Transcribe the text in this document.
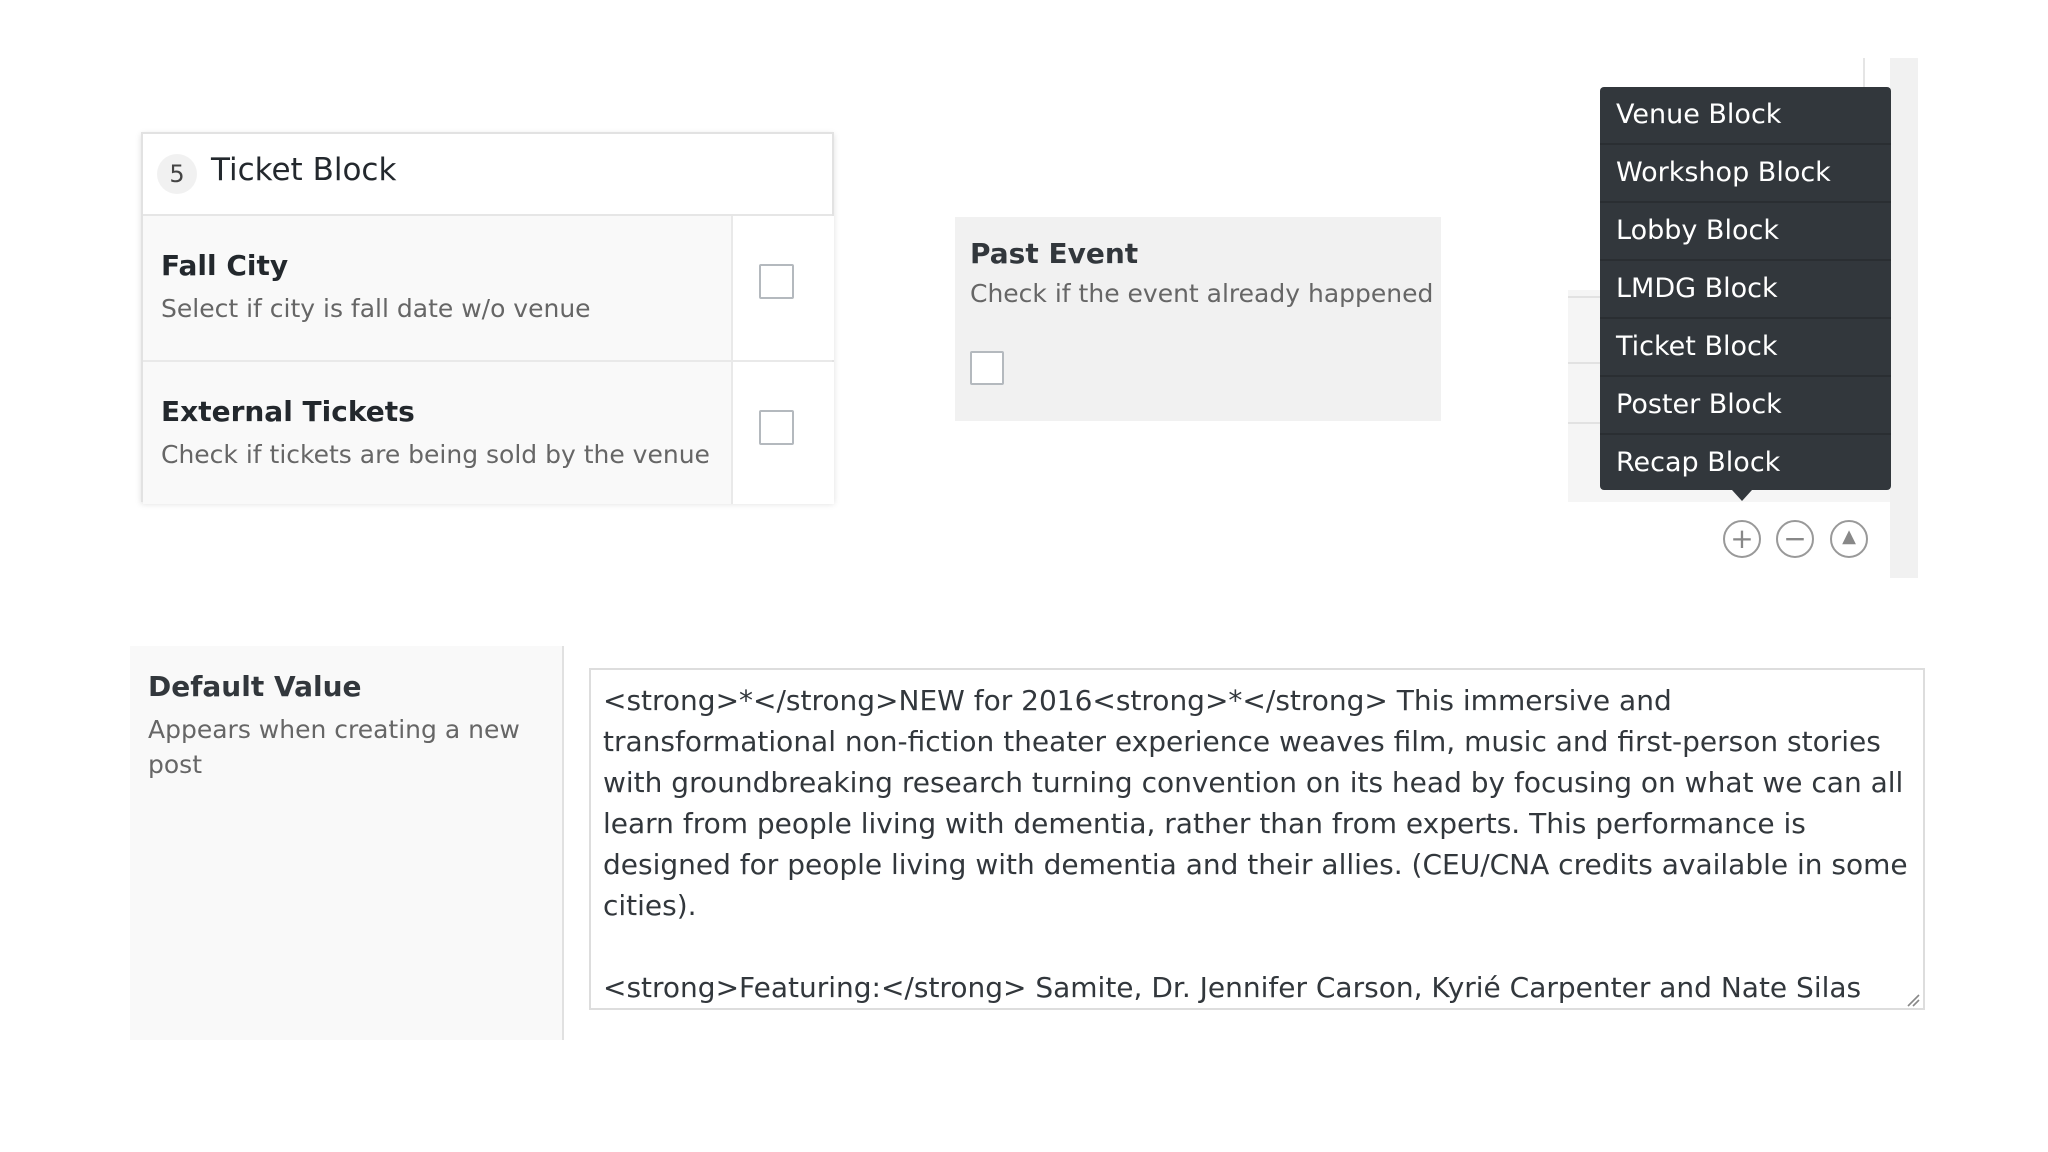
5 Ticket Block
Fall City
Select if city is fall date w/o venue
External Tickets
Check if tickets are being sold by the venue
Past Event
Check if the event already happened
Venue Block
Workshop Block
Lobby Block
LMDG Block
Ticket Block
Poster Block
Recap Block
+ −	▲
Default Value
Appears when creating a new post
<strong>*</strong>NEW for 2016<strong>*</strong> This immersive and transformational non-fiction theater experience weaves film, music and first-person stories with groundbreaking research turning convention on its head by focusing on what we can all learn from people living with dementia, rather than from experts. This performance is designed for people living with dementia and their allies. (CEU/CNA credits available in some cities). <strong>Featuring:</strong> Samite, Dr. Jennifer Carson, Kyrié Carpenter and Nate Silas Richardson
